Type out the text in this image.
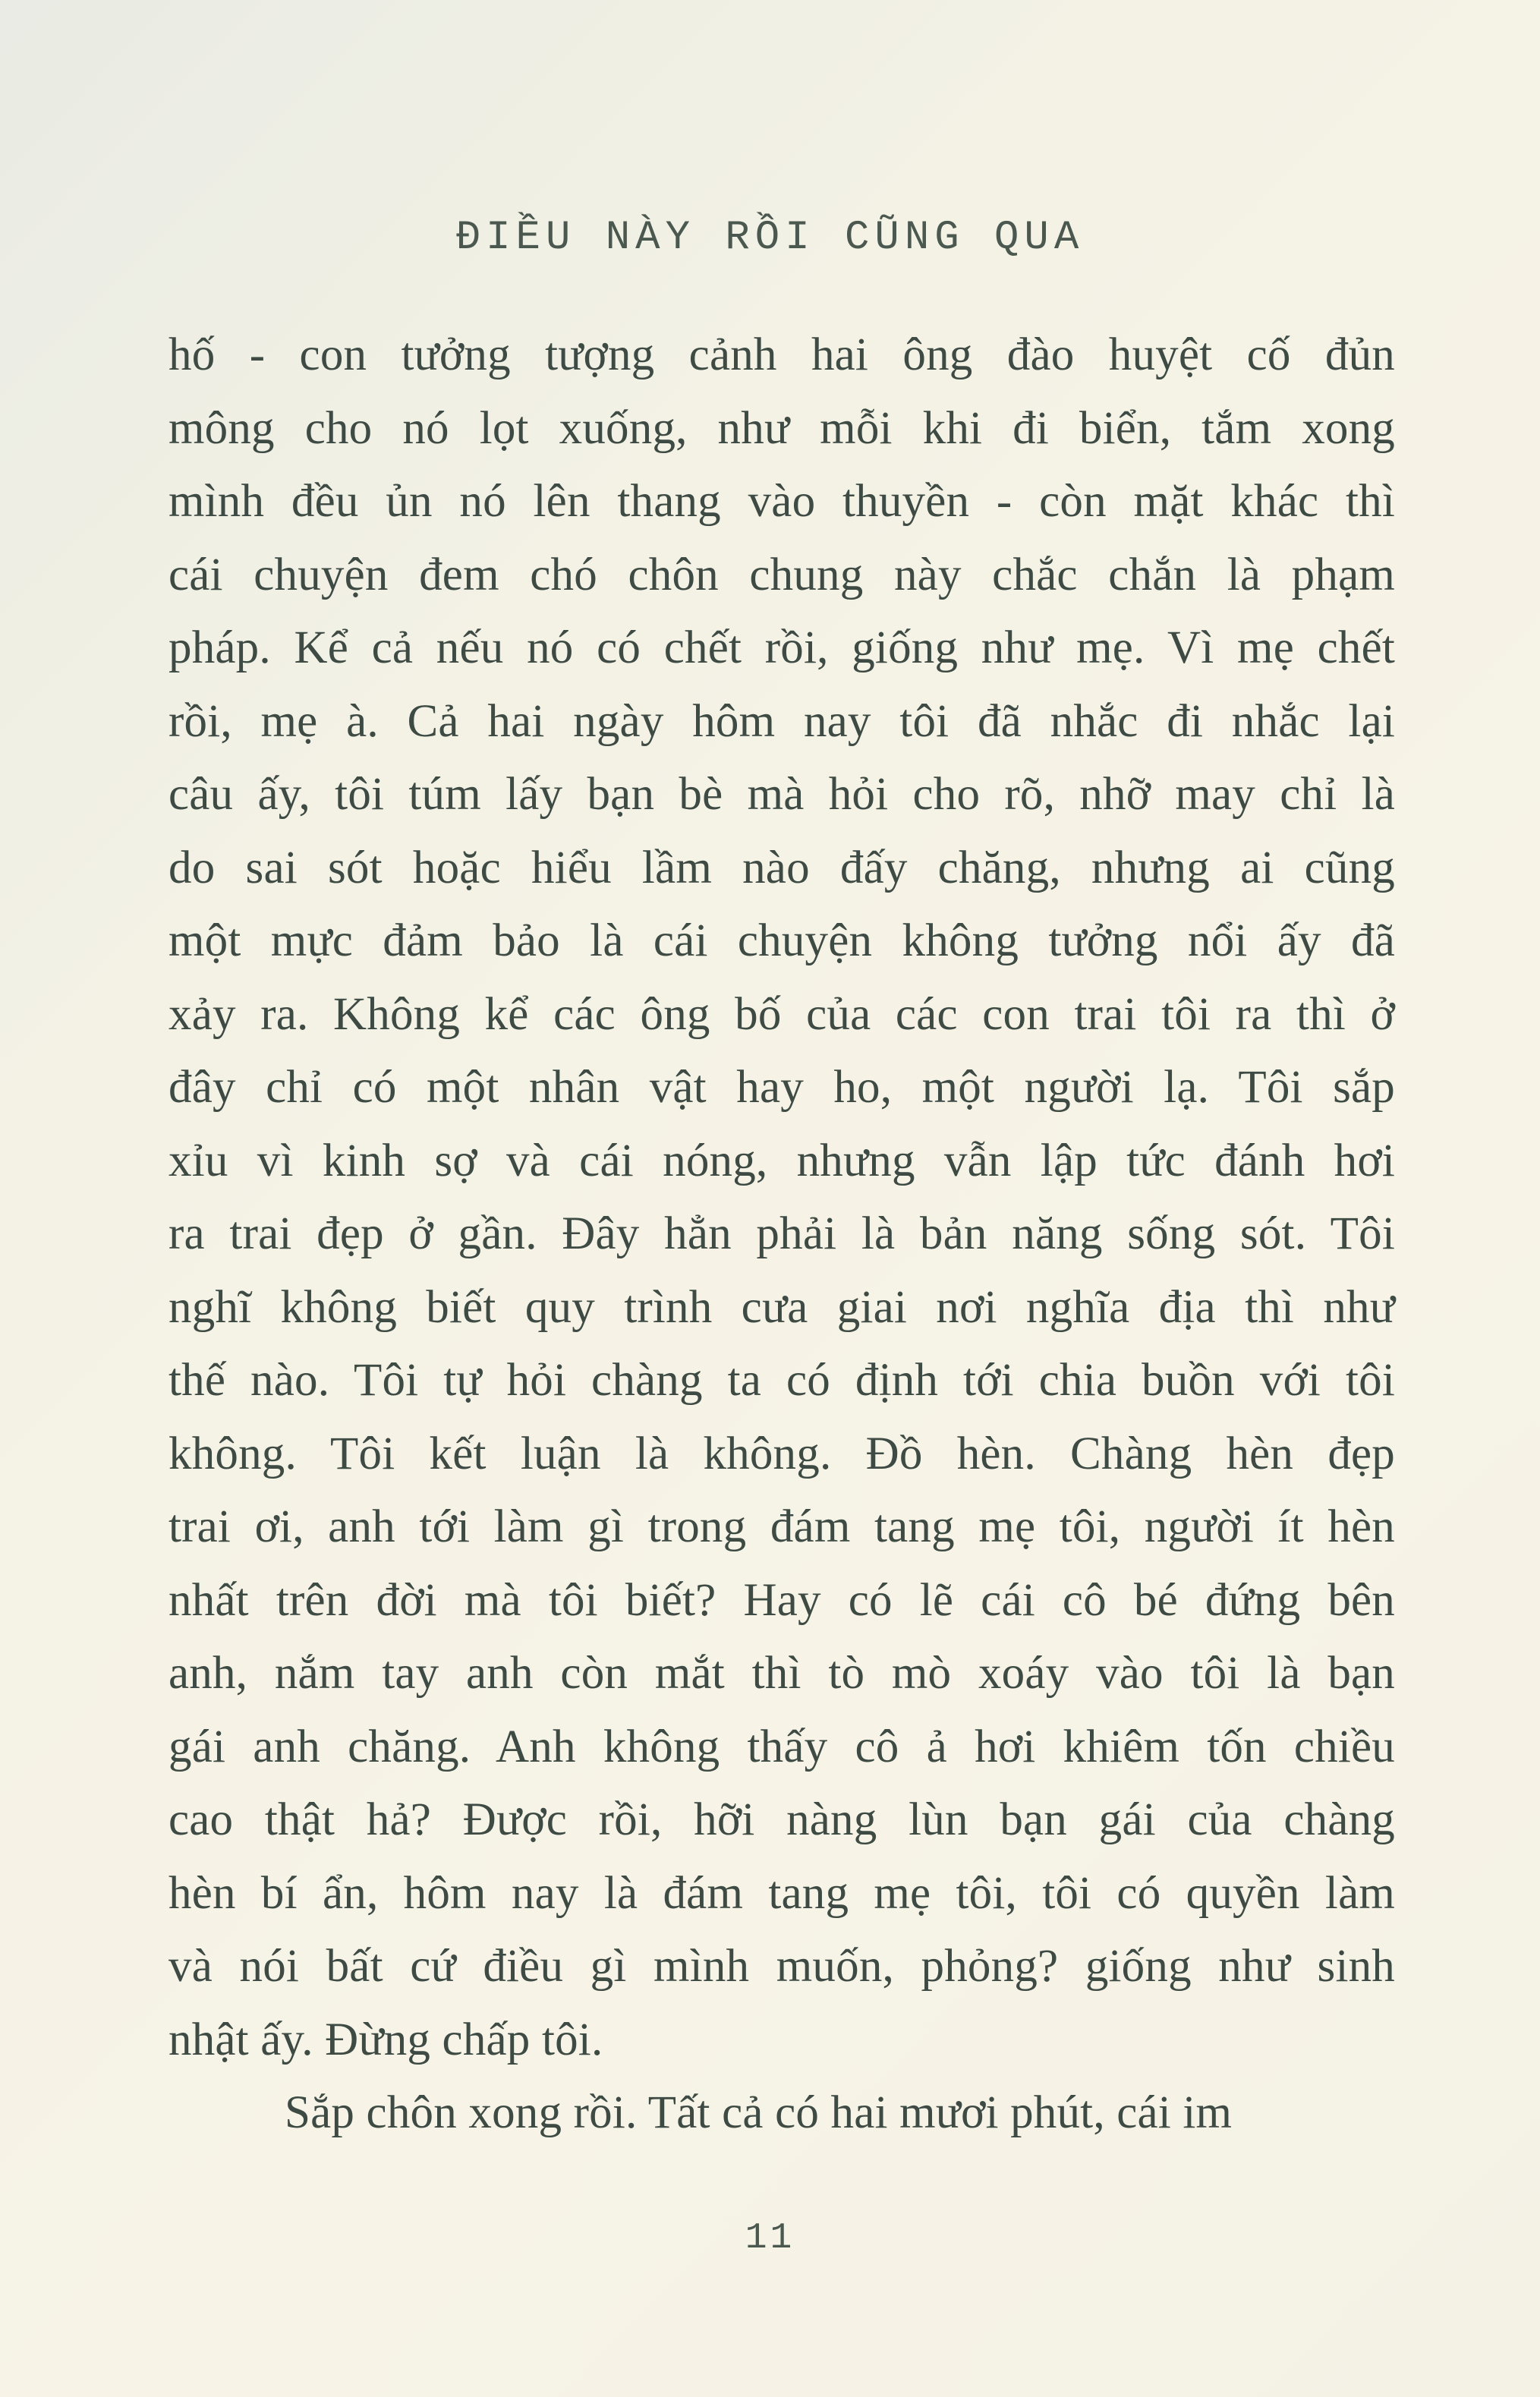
ĐIỀU NÀY RỒI CŨNG QUA
hố - con tưởng tượng cảnh hai ông đào huyệt cố đủn
mông cho nó lọt xuống, như mỗi khi đi biển, tắm xong
mình đều ủn nó lên thang vào thuyền - còn mặt khác thì
cái chuyện đem chó chôn chung này chắc chắn là phạm
pháp. Kể cả nếu nó có chết rồi, giống như mẹ. Vì mẹ chết
rồi, mẹ à. Cả hai ngày hôm nay tôi đã nhắc đi nhắc lại
câu ấy, tôi túm lấy bạn bè mà hỏi cho rõ, nhỡ may chỉ là
do sai sót hoặc hiểu lầm nào đấy chăng, nhưng ai cũng
một mực đảm bảo là cái chuyện không tưởng nổi ấy đã
xảy ra. Không kể các ông bố của các con trai tôi ra thì ở
đây chỉ có một nhân vật hay ho, một người lạ. Tôi sắp
xỉu vì kinh sợ và cái nóng, nhưng vẫn lập tức đánh hơi
ra trai đẹp ở gần. Đây hẳn phải là bản năng sống sót. Tôi
nghĩ không biết quy trình cưa giai nơi nghĩa địa thì như
thế nào. Tôi tự hỏi chàng ta có định tới chia buồn với tôi
không. Tôi kết luận là không. Đồ hèn. Chàng hèn đẹp
trai ơi, anh tới làm gì trong đám tang mẹ tôi, người ít hèn
nhất trên đời mà tôi biết? Hay có lẽ cái cô bé đứng bên
anh, nắm tay anh còn mắt thì tò mò xoáy vào tôi là bạn
gái anh chăng. Anh không thấy cô ả hơi khiêm tốn chiều
cao thật hả? Được rồi, hỡi nàng lùn bạn gái của chàng
hèn bí ẩn, hôm nay là đám tang mẹ tôi, tôi có quyền làm
và nói bất cứ điều gì mình muốn, phỏng? giống như sinh
nhật ấy. Đừng chấp tôi.
Sắp chôn xong rồi. Tất cả có hai mươi phút, cái im
11
